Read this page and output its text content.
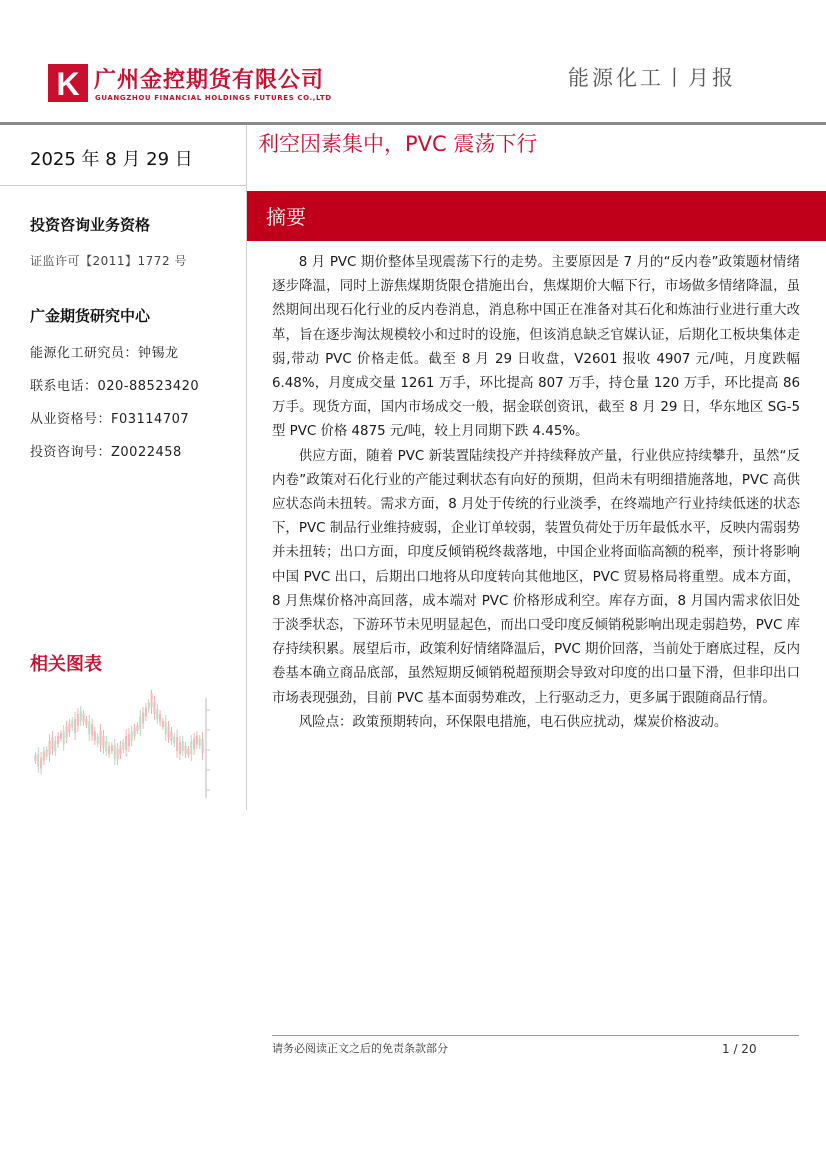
K 广州金控期货有限公司
GUANGZHOU FINANCIAL HOLDINGS FUTURES CO.,LTD
能源化工丨月报
2025 年 8 月 29 日
投资咨询业务资格
证监许可【2011】1772 号
广金期货研究中心
能源化工研究员：钟锡龙
联系电话：020-88523420
从业资格号：F03114707
投资咨询号：Z0022458
相关图表
利空因素集中，PVC 震荡下行
摘要

8 月 PVC 期价整体呈现震荡下行的走势。主要原因是 7 月的“反内卷”政策题材情绪逐步降温，同时上游焦煤期货限仓措施出台，焦煤期价大幅下行，市场做多情绪降温，虽然期间出现石化行业的反内卷消息，消息称中国正在准备对其石化和炼油行业进行重大改革，旨在逐步淘汰规模较小和过时的设施，但该消息缺乏官媒认证，后期化工板块集体走弱,带动 PVC 价格走低。截至 8 月 29 日收盘，V2601 报收 4907 元/吨，月度跌幅 6.48%，月度成交量 1261 万手，环比提高 807 万手，持仓量 120 万手，环比提高 86 万手。现货方面，国内市场成交一般，据金联创资讯，截至 8 月 29 日，华东地区 SG-5 型 PVC 价格 4875 元/吨，较上月同期下跌 4.45%。

供应方面，随着 PVC 新装置陆续投产并持续释放产量，行业供应持续攀升，虽然“反内卷”政策对石化行业的产能过剩状态有向好的预期，但尚未有明细措施落地，PVC 高供应状态尚未扭转。需求方面，8 月处于传统的行业淡季，在终端地产行业持续低迷的状态下，PVC 制品行业维持疲弱，企业订单较弱，装置负荷处于历年最低水平，反映内需弱势并未扭转；出口方面，印度反倾销税终裁落地，中国企业将面临高额的税率，预计将影响中国 PVC 出口，后期出口地将从印度转向其他地区，PVC 贸易格局将重塑。成本方面，8 月焦煤价格冲高回落，成本端对 PVC 价格形成利空。库存方面，8 月国内需求依旧处于淡季状态，下游环节未见明显起色，而出口受印度反倾销税影响出现走弱趋势，PVC 库存持续积累。展望后市，政策利好情绪降温后，PVC 期价回落，当前处于磨底过程，反内卷基本确立商品底部，虽然短期反倾销税超预期会导致对印度的出口量下滑，但非印出口市场表现强劲，目前 PVC 基本面弱势难改，上行驱动乏力，更多属于跟随商品行情。

风险点：政策预期转向，环保限电措施，电石供应扰动，煤炭价格波动。

请务必阅读正文之后的免责条款部分	1 / 20
